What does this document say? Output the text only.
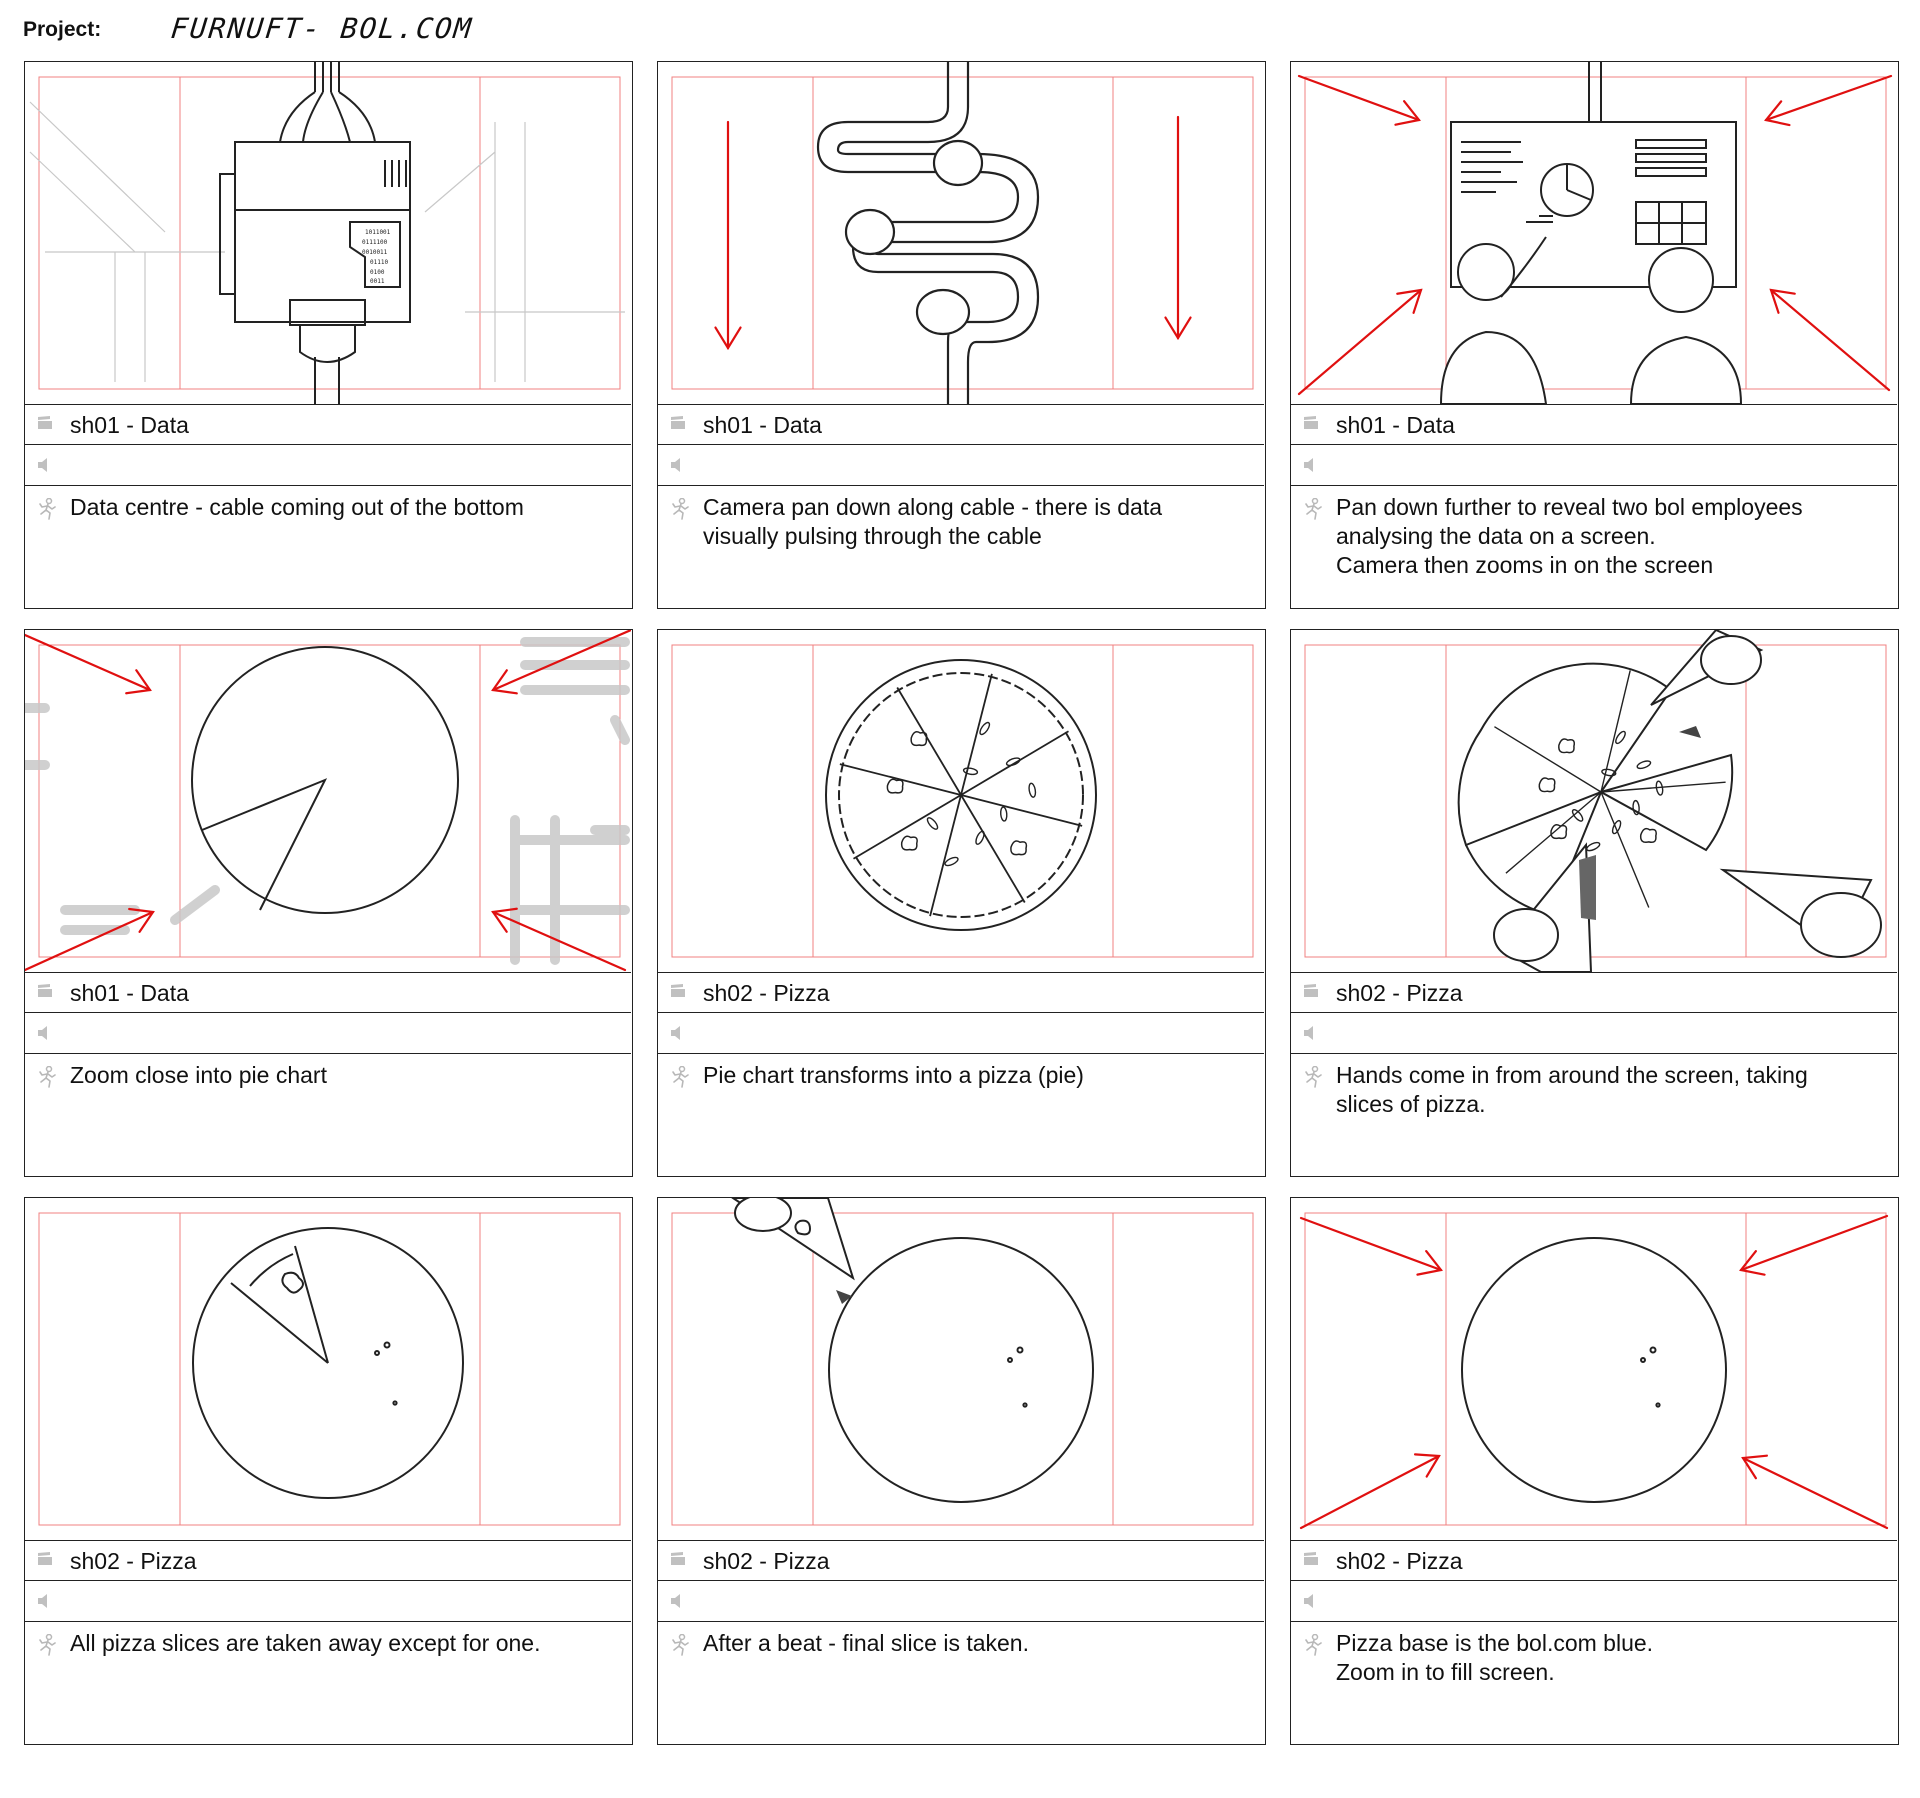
Project: FURNUFT- BOL.COM
1011001
0111100
0010011
01110
0100
0011
sh01 - Data
Data centre - cable coming out of the bottom
sh01 - Data
Camera pan down along cable - there is data
visually pulsing through the cable
sh01 - Data
Pan down further to reveal two bol employees
analysing the data on a screen.
Camera then zooms in on the screen
sh01 - Data
Zoom close into pie chart
sh02 - Pizza
Pie chart transforms into a pizza (pie)
sh02 - Pizza
Hands come in from around the screen, taking
slices of pizza.
sh02 - Pizza
All pizza slices are taken away except for one.
sh02 - Pizza
After a beat - final slice is taken.
sh02 - Pizza
Pizza base is the bol.com blue.
Zoom in to fill screen.
